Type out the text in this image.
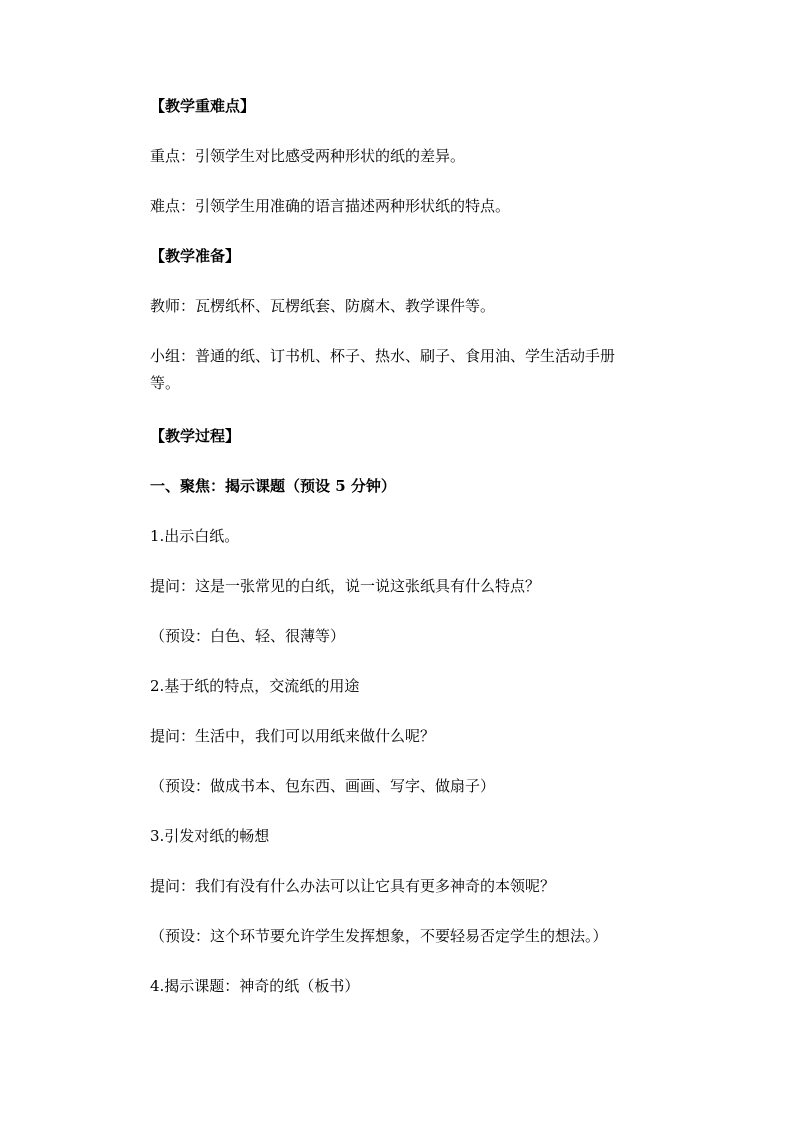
【教学重难点】
重点：引领学生对比感受两种形状的纸的差异。
难点：引领学生用准确的语言描述两种形状纸的特点。
【教学准备】
教师：瓦楞纸杯、瓦楞纸套、防腐木、教学课件等。
小组：普通的纸、订书机、杯子、热水、刷子、食用油、学生活动手册
等。
【教学过程】
一、聚焦：揭示课题（预设 5 分钟）
1.出示白纸。
提问：这是一张常见的白纸，说一说这张纸具有什么特点？
（预设：白色、轻、很薄等）
2.基于纸的特点，交流纸的用途
提问：生活中，我们可以用纸来做什么呢？
（预设：做成书本、包东西、画画、写字、做扇子）
3.引发对纸的畅想
提问：我们有没有什么办法可以让它具有更多神奇的本领呢？
（预设：这个环节要允许学生发挥想象，不要轻易否定学生的想法。）
4.揭示课题：神奇的纸（板书）
